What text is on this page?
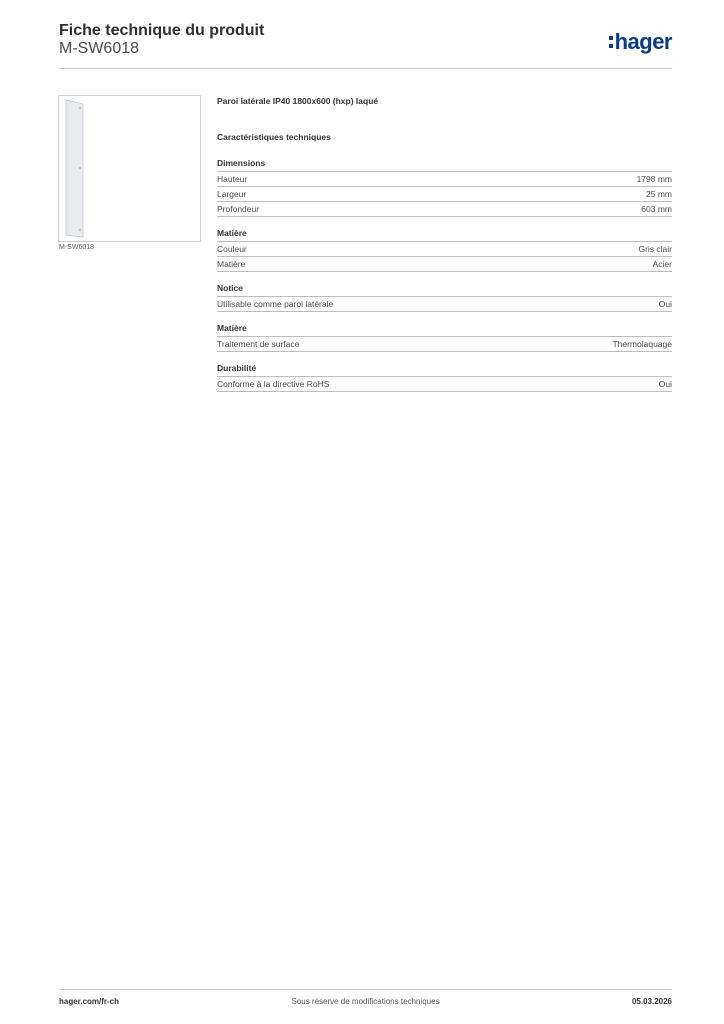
Fiche technique du produit
M-SW6018	hager
M-SW6018
Paroi latérale IP40 1800x600 (hxp) laqué
Caractéristiques techniques
Dimensions
Hauteur	1798 mm
Largeur	25 mm
Profondeur	603 mm
Matière
Couleur	Gris clair
Matière	Acier
Notice
Utilisable comme paroi latérale	Oui
Matière
Traitement de surface	Thermolaquage
Durabilité
Conforme à la directive RoHS	Oui
hager.com/fr-ch	Sous réserve de modifications techniques	05.03.2026
